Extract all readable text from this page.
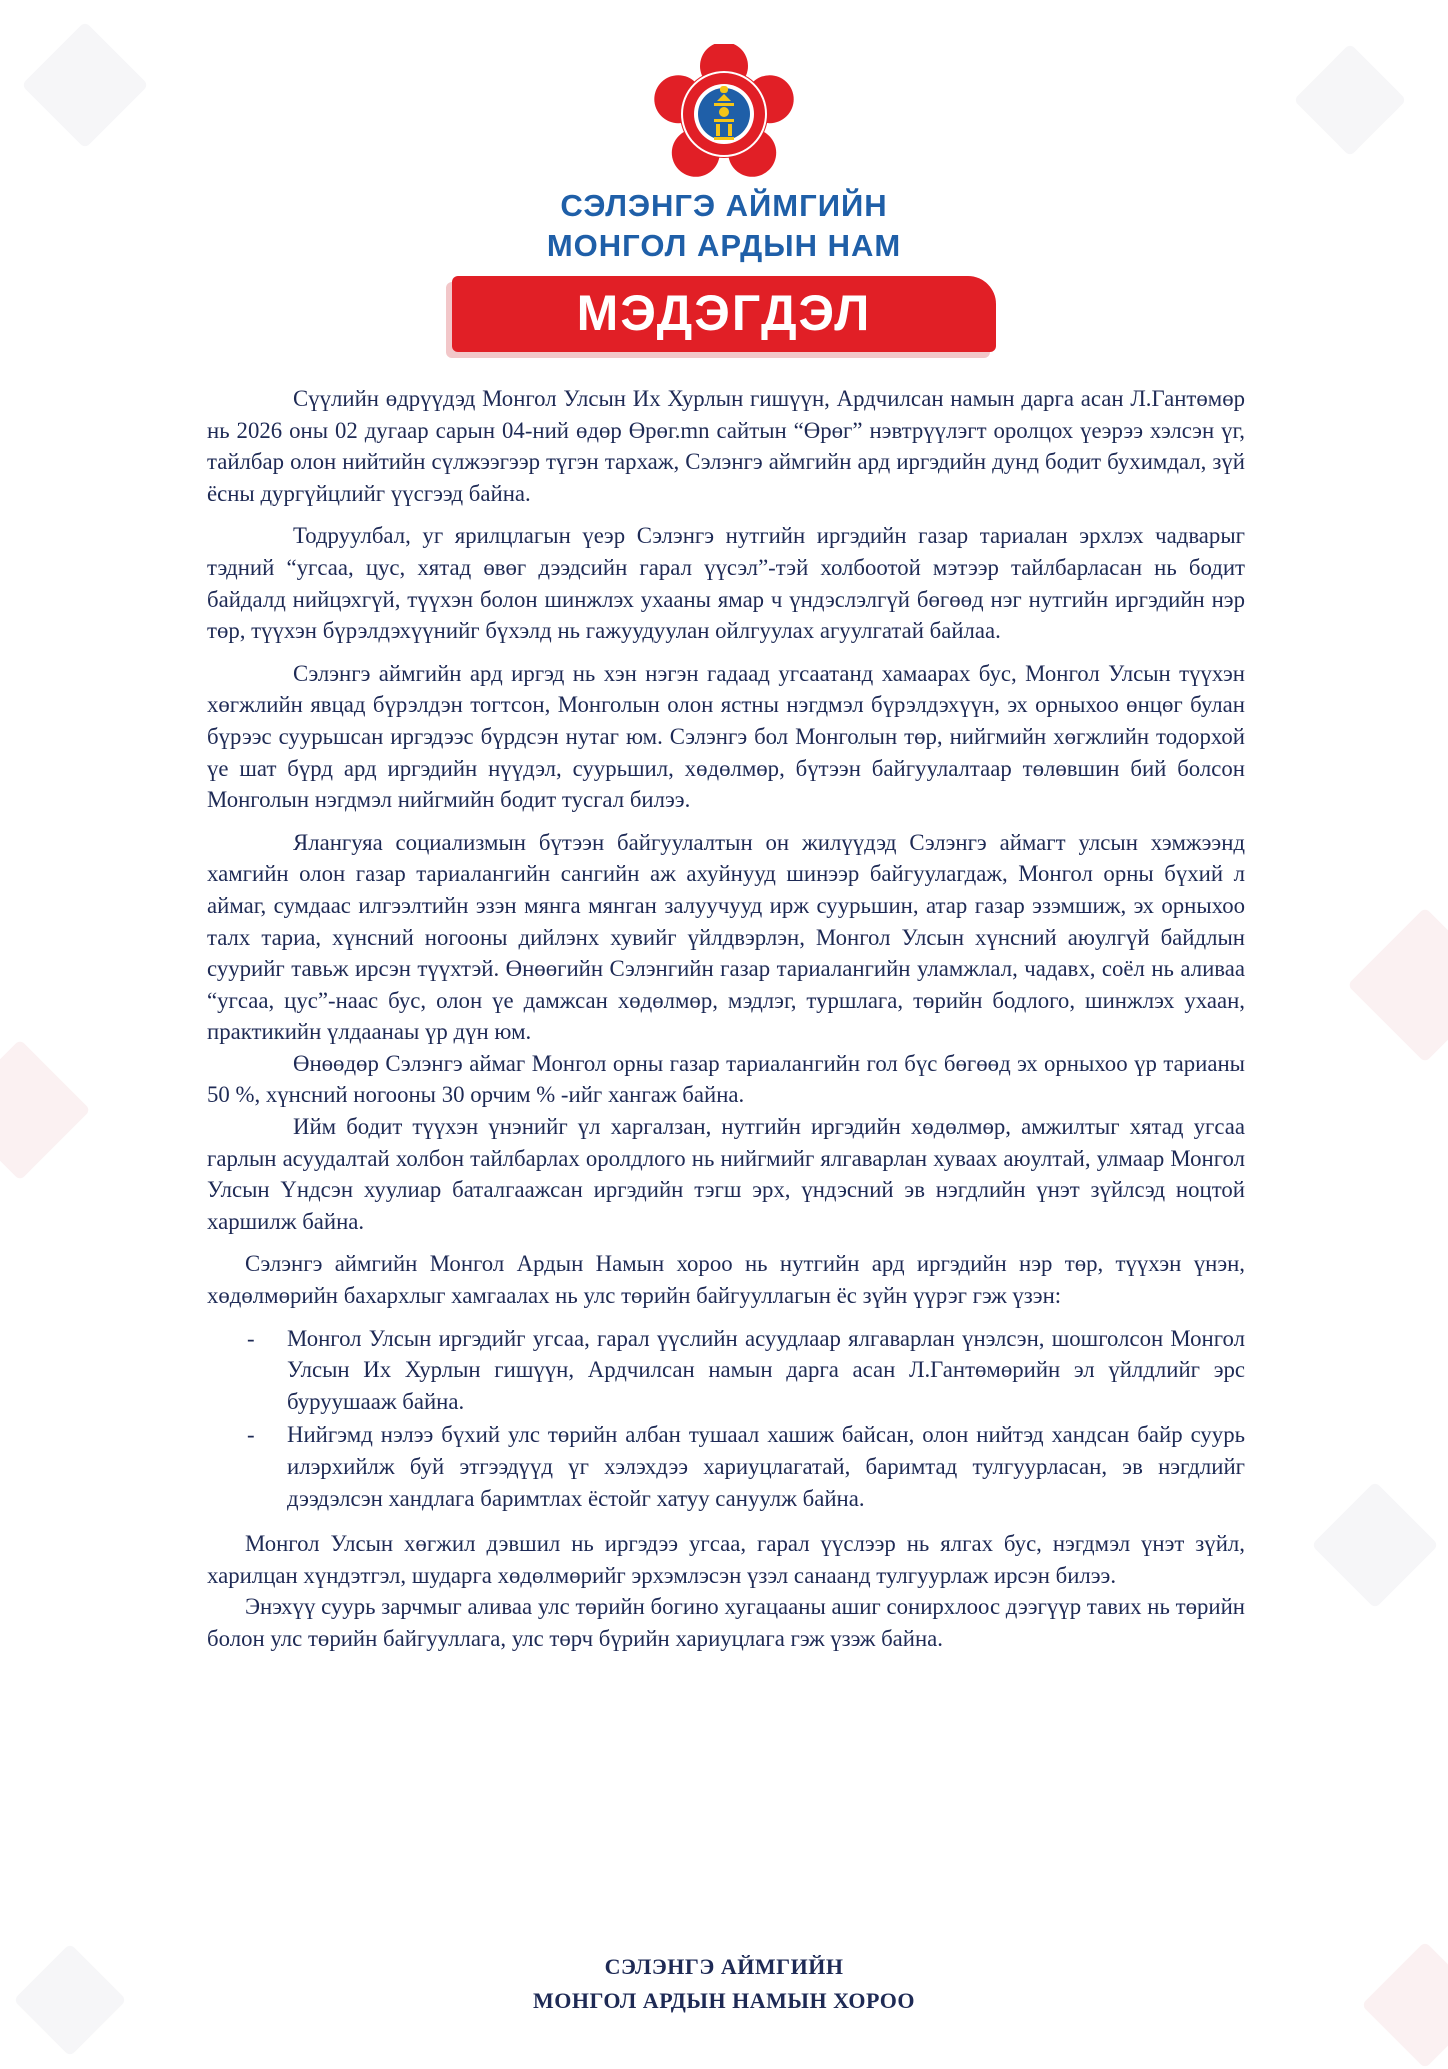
СЭЛЭНГЭ АЙМГИЙН
МОНГОЛ АРДЫН НАМ
МЭДЭГДЭЛ

Сүүлийн өдрүүдэд Монгол Улсын Их Хурлын гишүүн, Ардчилсан намын дарга асан Л.Гантөмөр нь 2026 оны 02 дугаар сарын 04-ний өдөр Өрөг.mn сайтын “Өрөг” нэвтрүүлэгт оролцох үеэрээ хэлсэн үг, тайлбар олон нийтийн сүлжээгээр түгэн тархаж, Сэлэнгэ аймгийн ард иргэдийн дунд бодит бухимдал, зүй ёсны дургүйцлийг үүсгээд байна.

Тодруулбал, уг ярилцлагын үеэр Сэлэнгэ нутгийн иргэдийн газар тариалан эрхлэх чадварыг тэдний “угсаа, цус, хятад өвөг дээдсийн гарал үүсэл”-тэй холбоотой мэтээр тайлбарласан нь бодит байдалд нийцэхгүй, түүхэн болон шинжлэх ухааны ямар ч үндэслэлгүй бөгөөд нэг нутгийн иргэдийн нэр төр, түүхэн бүрэлдэхүүнийг бүхэлд нь гажуудуулан ойлгуулах агуулгатай байлаа.

Сэлэнгэ аймгийн ард иргэд нь хэн нэгэн гадаад угсаатанд хамаарах бус, Монгол Улсын түүхэн хөгжлийн явцад бүрэлдэн тогтсон, Монголын олон ястны нэгдмэл бүрэлдэхүүн, эх орныхоо өнцөг булан бүрээс суурьшсан иргэдээс бүрдсэн нутаг юм. Сэлэнгэ бол Монголын төр, нийгмийн хөгжлийн тодорхой үе шат бүрд ард иргэдийн нүүдэл, суурьшил, хөдөлмөр, бүтээн байгуулалтаар төлөвшин бий болсон Монголын нэгдмэл нийгмийн бодит тусгал билээ.

Ялангуяа социализмын бүтээн байгуулалтын он жилүүдэд Сэлэнгэ аймагт улсын хэмжээнд хамгийн олон газар тариалангийн сангийн аж ахуйнууд шинээр байгуулагдаж, Монгол орны бүхий л аймаг, сумдаас илгээлтийн эзэн мянга мянган залуучууд ирж суурьшин, атар газар эзэмшиж, эх орныхоо талх тариа, хүнсний ногооны дийлэнх хувийг үйлдвэрлэн, Монгол Улсын хүнсний аюулгүй байдлын суурийг тавьж ирсэн түүхтэй. Өнөөгийн Сэлэнгийн газар тариалангийн уламжлал, чадавх, соёл нь аливаа “угсаа, цус”-наас бус, олон үе дамжсан хөдөлмөр, мэдлэг, туршлага, төрийн бодлого, шинжлэх ухаан, практикийн үлдаанаы үр дүн юм.

Өнөөдөр Сэлэнгэ аймаг Монгол орны газар тариалангийн гол бүс бөгөөд эх орныхоо үр тарианы 50 %, хүнсний ногооны 30 орчим % -ийг хангаж байна.

Ийм бодит түүхэн үнэнийг үл харгалзан, нутгийн иргэдийн хөдөлмөр, амжилтыг хятад угсаа гарлын асуудалтай холбон тайлбарлах оролдлого нь нийгмийг ялгаварлан хуваах аюултай, улмаар Монгол Улсын Үндсэн хуулиар баталгаажсан иргэдийн тэгш эрх, үндэсний эв нэгдлийн үнэт зүйлсэд ноцтой харшилж байна.

Сэлэнгэ аймгийн Монгол Ардын Намын хороо нь нутгийн ард иргэдийн нэр төр, түүхэн үнэн, хөдөлмөрийн бахархлыг хамгаалах нь улс төрийн байгууллагын ёс зүйн үүрэг гэж үзэн:

- Монгол Улсын иргэдийг угсаа, гарал үүслийн асуудлаар ялгаварлан үнэлсэн, шошголсон Монгол Улсын Их Хурлын гишүүн, Ардчилсан намын дарга асан Л.Гантөмөрийн эл үйлдлийг эрс буруушааж байна.
- Нийгэмд нэлээ бүхий улс төрийн албан тушаал хашиж байсан, олон нийтэд хандсан байр суурь илэрхийлж буй этгээдүүд үг хэлэхдээ хариуцлагатай, баримтад тулгуурласан, эв нэгдлийг дээдэлсэн хандлага баримтлах ёстойг хатуу сануулж байна.

Монгол Улсын хөгжил дэвшил нь иргэдээ угсаа, гарал үүслээр нь ялгах бус, нэгдмэл үнэт зүйл, харилцан хүндэтгэл, шударга хөдөлмөрийг эрхэмлэсэн үзэл санаанд тулгуурлаж ирсэн билээ.

Энэхүү суурь зарчмыг аливаа улс төрийн богино хугацааны ашиг сонирхлоос дээгүүр тавих нь төрийн болон улс төрийн байгууллага, улс төрч бүрийн хариуцлага гэж үзэж байна.

СЭЛЭНГЭ АЙМГИЙН
МОНГОЛ АРДЫН НАМЫН ХОРОО
